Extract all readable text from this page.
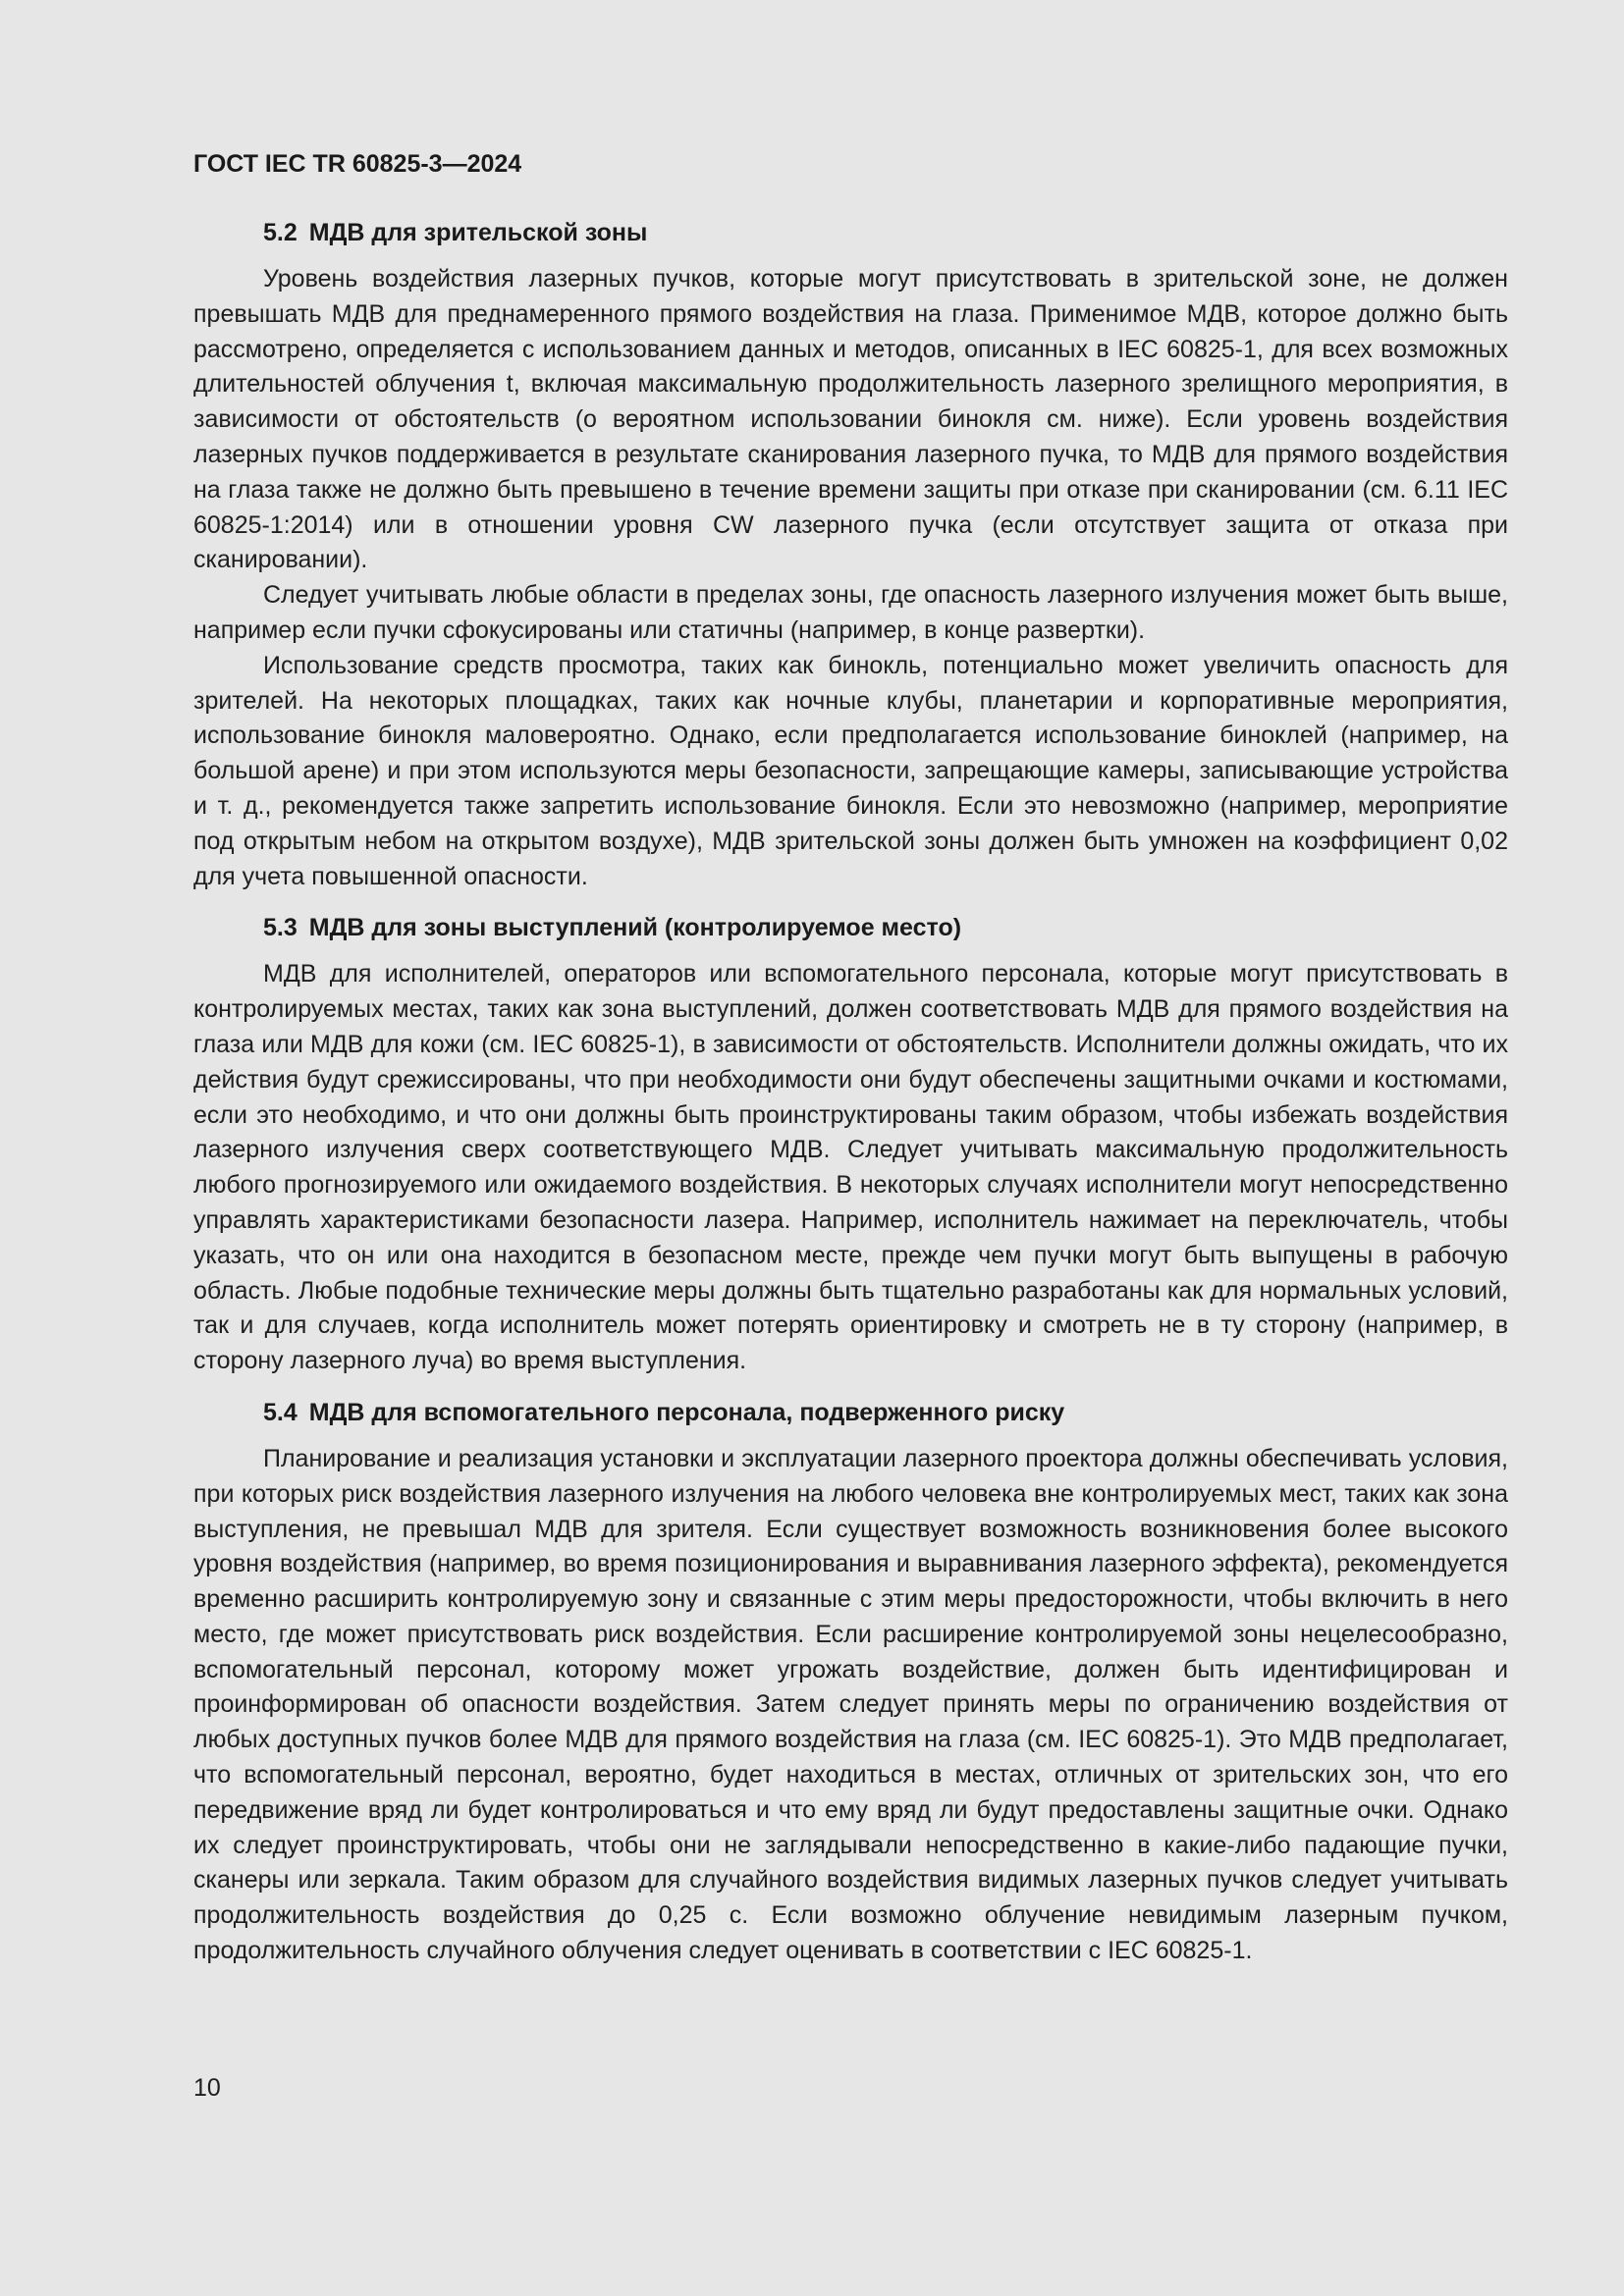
ГОСТ IEC TR 60825-3—2024
5.2 МДВ для зрительской зоны

Уровень воздействия лазерных пучков, которые могут присутствовать в зрительской зоне, не должен превышать МДВ для преднамеренного прямого воздействия на глаза. Применимое МДВ, которое должно быть рассмотрено, определяется с использованием данных и методов, описанных в IEC 60825-1, для всех возможных длительностей облучения t, включая максимальную продолжительность лазерного зрелищного мероприятия, в зависимости от обстоятельств (о вероятном использовании бинокля см. ниже). Если уровень воздействия лазерных пучков поддерживается в результате сканирования лазерного пучка, то МДВ для прямого воздействия на глаза также не должно быть превышено в течение времени защиты при отказе при сканировании (см. 6.11 IEC 60825-1:2014) или в отношении уровня CW лазерного пучка (если отсутствует защита от отказа при сканировании).

Следует учитывать любые области в пределах зоны, где опасность лазерного излучения может быть выше, например если пучки сфокусированы или статичны (например, в конце развертки).

Использование средств просмотра, таких как бинокль, потенциально может увеличить опасность для зрителей. На некоторых площадках, таких как ночные клубы, планетарии и корпоративные мероприятия, использование бинокля маловероятно. Однако, если предполагается использование биноклей (например, на большой арене) и при этом используются меры безопасности, запрещающие камеры, записывающие устройства и т. д., рекомендуется также запретить использование бинокля. Если это невозможно (например, мероприятие под открытым небом на открытом воздухе), МДВ зрительской зоны должен быть умножен на коэффициент 0,02 для учета повышенной опасности.

5.3 МДВ для зоны выступлений (контролируемое место)

МДВ для исполнителей, операторов или вспомогательного персонала, которые могут присутствовать в контролируемых местах, таких как зона выступлений, должен соответствовать МДВ для прямого воздействия на глаза или МДВ для кожи (см. IEC 60825-1), в зависимости от обстоятельств. Исполнители должны ожидать, что их действия будут срежиссированы, что при необходимости они будут обеспечены защитными очками и костюмами, если это необходимо, и что они должны быть проинструктированы таким образом, чтобы избежать воздействия лазерного излучения сверх соответствующего МДВ. Следует учитывать максимальную продолжительность любого прогнозируемого или ожидаемого воздействия. В некоторых случаях исполнители могут непосредственно управлять характеристиками безопасности лазера. Например, исполнитель нажимает на переключатель, чтобы указать, что он или она находится в безопасном месте, прежде чем пучки могут быть выпущены в рабочую область. Любые подобные технические меры должны быть тщательно разработаны как для нормальных условий, так и для случаев, когда исполнитель может потерять ориентировку и смотреть не в ту сторону (например, в сторону лазерного луча) во время выступления.

5.4 МДВ для вспомогательного персонала, подверженного риску

Планирование и реализация установки и эксплуатации лазерного проектора должны обеспечивать условия, при которых риск воздействия лазерного излучения на любого человека вне контролируемых мест, таких как зона выступления, не превышал МДВ для зрителя. Если существует возможность возникновения более высокого уровня воздействия (например, во время позиционирования и выравнивания лазерного эффекта), рекомендуется временно расширить контролируемую зону и связанные с этим меры предосторожности, чтобы включить в него место, где может присутствовать риск воздействия. Если расширение контролируемой зоны нецелесообразно, вспомогательный персонал, которому может угрожать воздействие, должен быть идентифицирован и проинформирован об опасности воздействия. Затем следует принять меры по ограничению воздействия от любых доступных пучков более МДВ для прямого воздействия на глаза (см. IEC 60825-1). Это МДВ предполагает, что вспомогательный персонал, вероятно, будет находиться в местах, отличных от зрительских зон, что его передвижение вряд ли будет контролироваться и что ему вряд ли будут предоставлены защитные очки. Однако их следует проинструктировать, чтобы они не заглядывали непосредственно в какие-либо падающие пучки, сканеры или зеркала. Таким образом для случайного воздействия видимых лазерных пучков следует учитывать продолжительность воздействия до 0,25 с. Если возможно облучение невидимым лазерным пучком, продолжительность случайного облучения следует оценивать в соответствии с IEC 60825-1.

10
